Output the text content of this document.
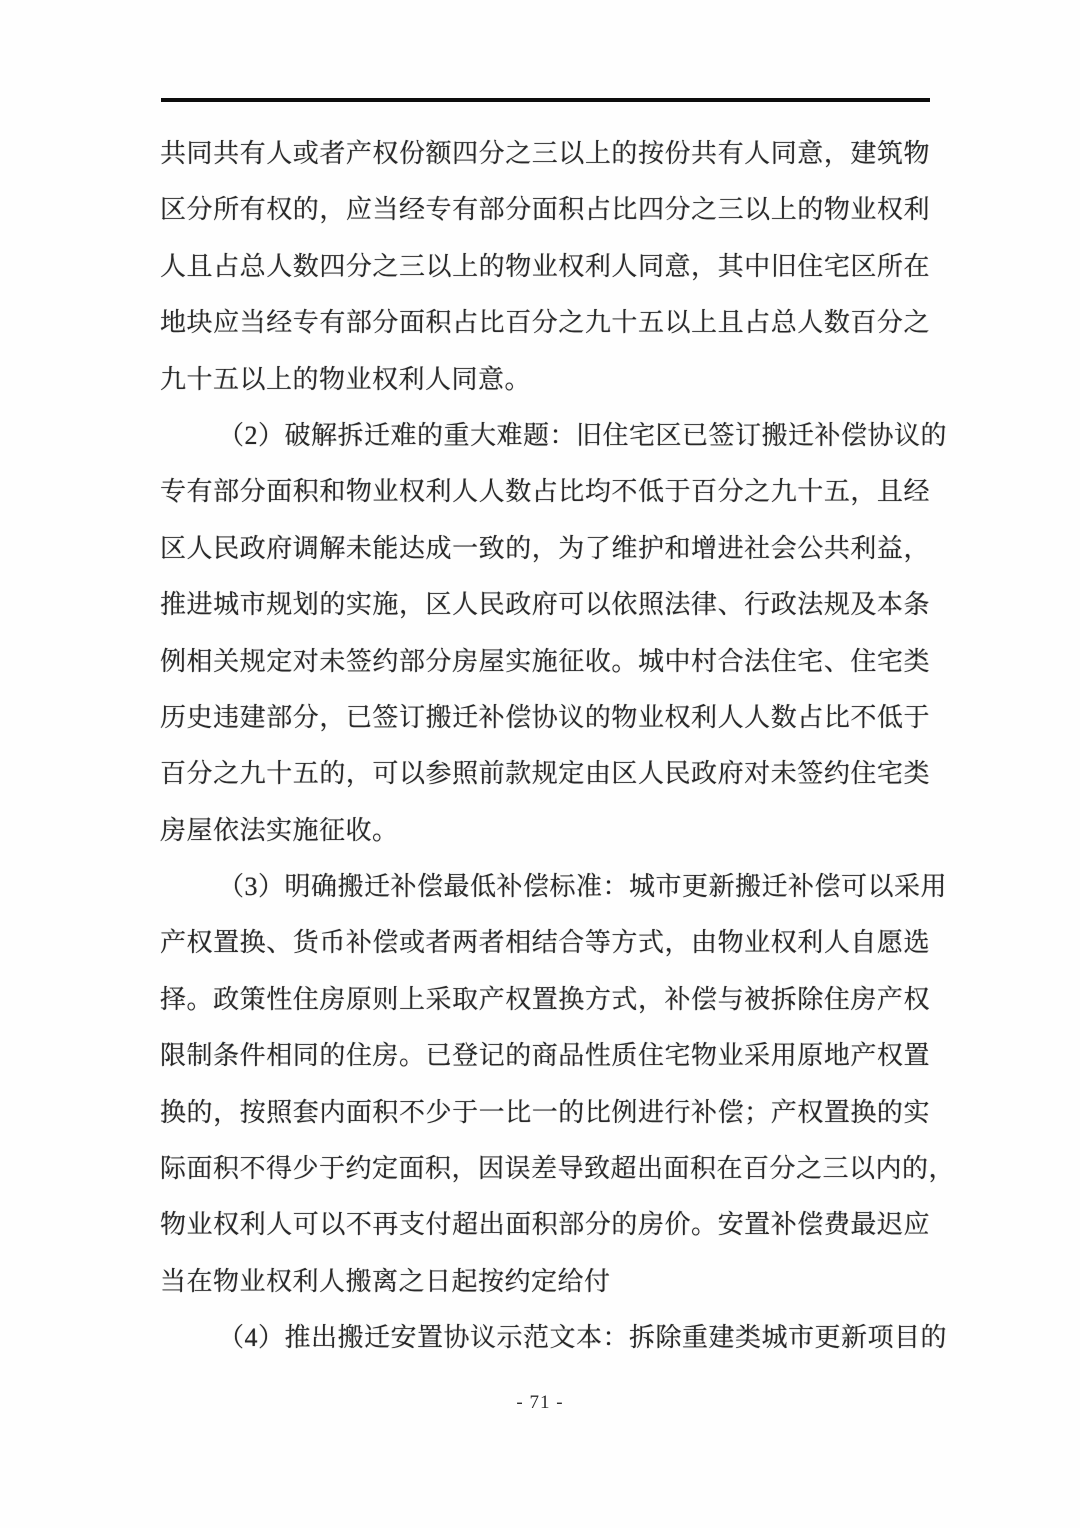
共同共有人或者产权份额四分之三以上的按份共有人同意，建筑物
区分所有权的，应当经专有部分面积占比四分之三以上的物业权利
人且占总人数四分之三以上的物业权利人同意，其中旧住宅区所在
地块应当经专有部分面积占比百分之九十五以上且占总人数百分之
九十五以上的物业权利人同意。
（2）破解拆迁难的重大难题：旧住宅区已签订搬迁补偿协议的
专有部分面积和物业权利人人数占比均不低于百分之九十五，且经
区人民政府调解未能达成一致的，为了维护和增进社会公共利益，
推进城市规划的实施，区人民政府可以依照法律、行政法规及本条
例相关规定对未签约部分房屋实施征收。城中村合法住宅、住宅类
历史违建部分，已签订搬迁补偿协议的物业权利人人数占比不低于
百分之九十五的，可以参照前款规定由区人民政府对未签约住宅类
房屋依法实施征收。
（3）明确搬迁补偿最低补偿标准：城市更新搬迁补偿可以采用
产权置换、货币补偿或者两者相结合等方式，由物业权利人自愿选
择。政策性住房原则上采取产权置换方式，补偿与被拆除住房产权
限制条件相同的住房。已登记的商品性质住宅物业采用原地产权置
换的，按照套内面积不少于一比一的比例进行补偿；产权置换的实
际面积不得少于约定面积，因误差导致超出面积在百分之三以内的，
物业权利人可以不再支付超出面积部分的房价。安置补偿费最迟应
当在物业权利人搬离之日起按约定给付
（4）推出搬迁安置协议示范文本：拆除重建类城市更新项目的
- 71 -
